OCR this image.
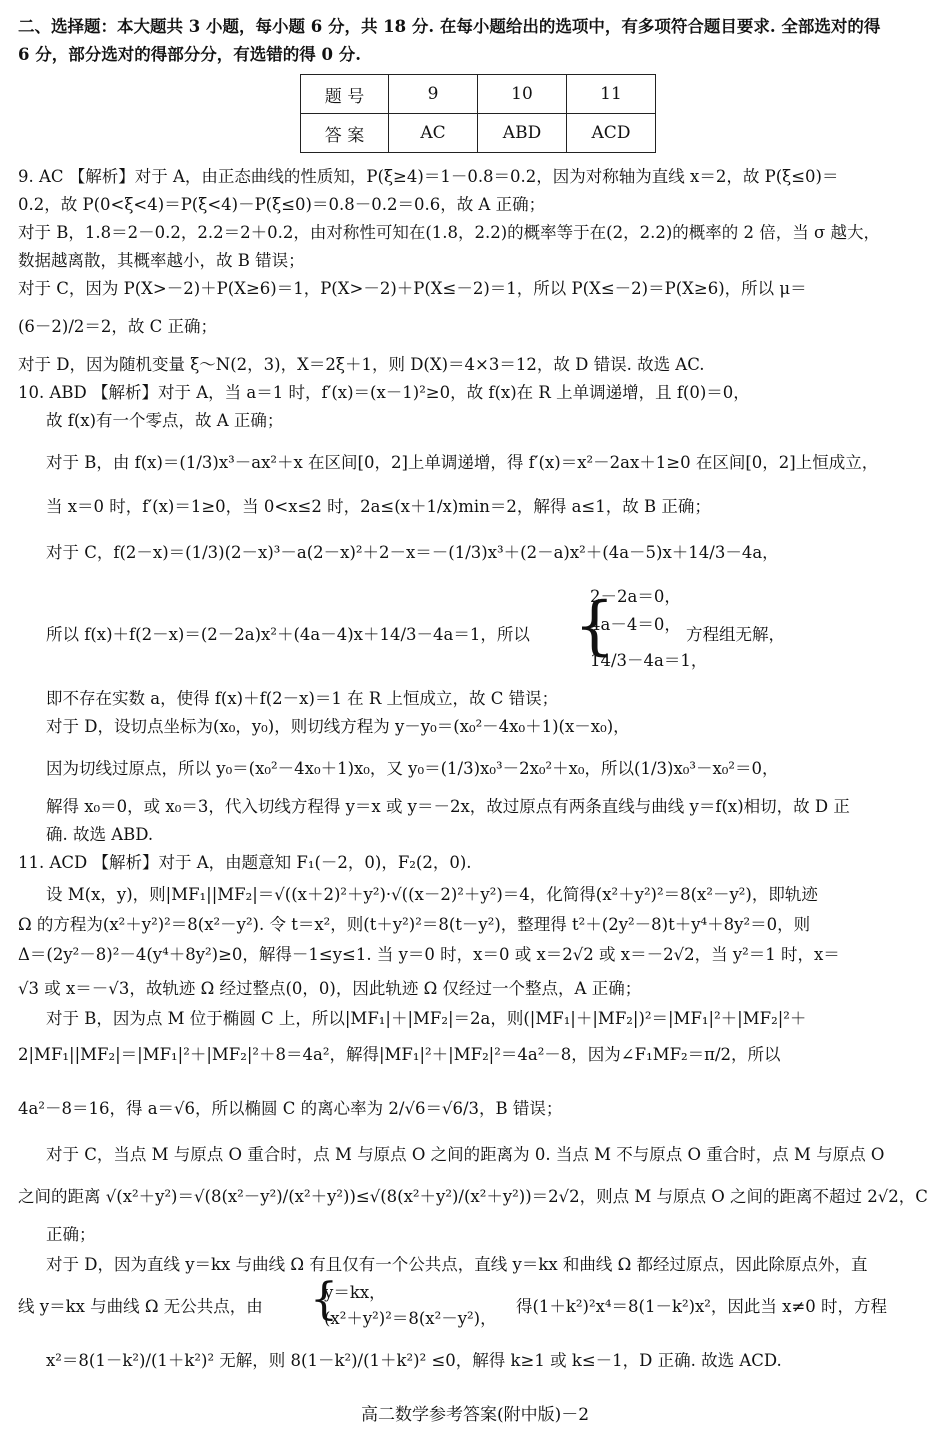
二、选择题：本大题共 3 小题，每小题 6 分，共 18 分. 在每小题给出的选项中，有多项符合题目要求. 全部选对的得
6 分，部分选对的得部分分，有选错的得 0 分.
题 号	9	10	11
答 案	AC	ABD	ACD
9. AC 【解析】对于 A，由正态曲线的性质知，P(ξ≥4)＝1－0.8＝0.2，因为对称轴为直线 x＝2，故 P(ξ≤0)＝
0.2，故 P(0<ξ<4)＝P(ξ<4)－P(ξ≤0)＝0.8－0.2＝0.6，故 A 正确；
对于 B，1.8＝2－0.2，2.2＝2＋0.2，由对称性可知在(1.8，2.2)的概率等于在(2，2.2)的概率的 2 倍，当 σ 越大，
数据越离散，其概率越小，故 B 错误；
对于 C，因为 P(X>－2)＋P(X≥6)＝1，P(X>－2)＋P(X≤－2)＝1，所以 P(X≤－2)＝P(X≥6)，所以 μ＝
(6－2)/2＝2，故 C 正确；
对于 D，因为随机变量 ξ～N(2，3)，X＝2ξ＋1，则 D(X)＝4×3＝12，故 D 错误. 故选 AC.
10. ABD 【解析】对于 A，当 a＝1 时，f′(x)＝(x－1)²≥0，故 f(x)在 R 上单调递增，且 f(0)＝0，
故 f(x)有一个零点，故 A 正确；
对于 B，由 f(x)＝(1/3)x³－ax²＋x 在区间[0，2]上单调递增，得 f′(x)＝x²－2ax＋1≥0 在区间[0，2]上恒成立，
当 x＝0 时，f′(x)＝1≥0，当 0<x≤2 时，2a≤(x＋1/x)min＝2，解得 a≤1，故 B 正确；
对于 C，f(2－x)＝(1/3)(2－x)³－a(2－x)²＋2－x＝－(1/3)x³＋(2－a)x²＋(4a－5)x＋14/3－4a，
所以 f(x)＋f(2－x)＝(2－2a)x²＋(4a－4)x＋14/3－4a＝1，所以 {
2－2a＝0，
4a－4＝0，
14/3－4a＝1，
方程组无解，
即不存在实数 a，使得 f(x)＋f(2－x)＝1 在 R 上恒成立，故 C 错误；
对于 D，设切点坐标为(x₀，y₀)，则切线方程为 y－y₀＝(x₀²－4x₀＋1)(x－x₀)，
因为切线过原点，所以 y₀＝(x₀²－4x₀＋1)x₀，又 y₀＝(1/3)x₀³－2x₀²＋x₀，所以(1/3)x₀³－x₀²＝0，
解得 x₀＝0，或 x₀＝3，代入切线方程得 y＝x 或 y＝－2x，故过原点有两条直线与曲线 y＝f(x)相切，故 D 正
确. 故选 ABD.
11. ACD 【解析】对于 A，由题意知 F₁(－2，0)，F₂(2，0).
设 M(x，y)，则|MF₁||MF₂|＝√((x＋2)²＋y²)·√((x－2)²＋y²)＝4，化简得(x²＋y²)²＝8(x²－y²)，即轨迹
Ω 的方程为(x²＋y²)²＝8(x²－y²). 令 t＝x²，则(t＋y²)²＝8(t－y²)，整理得 t²＋(2y²－8)t＋y⁴＋8y²＝0，则
Δ＝(2y²－8)²－4(y⁴＋8y²)≥0，解得－1≤y≤1. 当 y＝0 时，x＝0 或 x＝2√2 或 x＝－2√2，当 y²＝1 时，x＝
√3 或 x＝－√3，故轨迹 Ω 经过整点(0，0)，因此轨迹 Ω 仅经过一个整点，A 正确；
对于 B，因为点 M 位于椭圆 C 上，所以|MF₁|＋|MF₂|＝2a，则(|MF₁|＋|MF₂|)²＝|MF₁|²＋|MF₂|²＋
2|MF₁||MF₂|＝|MF₁|²＋|MF₂|²＋8＝4a²，解得|MF₁|²＋|MF₂|²＝4a²－8，因为∠F₁MF₂＝π/2，所以
4a²－8＝16，得 a＝√6，所以椭圆 C 的离心率为 2/√6＝√6/3，B 错误；
对于 C，当点 M 与原点 O 重合时，点 M 与原点 O 之间的距离为 0. 当点 M 不与原点 O 重合时，点 M 与原点 O
之间的距离 √(x²＋y²)＝√(8(x²－y²)/(x²＋y²))≤√(8(x²＋y²)/(x²＋y²))＝2√2，则点 M 与原点 O 之间的距离不超过 2√2，C
正确；
对于 D，因为直线 y＝kx 与曲线 Ω 有且仅有一个公共点，直线 y＝kx 和曲线 Ω 都经过原点，因此除原点外，直
线 y＝kx 与曲线 Ω 无公共点，由 {
y＝kx，
(x²＋y²)²＝8(x²－y²)，
得(1＋k²)²x⁴＝8(1－k²)x²，因此当 x≠0 时，方程
x²＝8(1－k²)/(1＋k²)² 无解，则 8(1－k²)/(1＋k²)² ≤0，解得 k≥1 或 k≤－1，D 正确. 故选 ACD.
高二数学参考答案(附中版)－2
